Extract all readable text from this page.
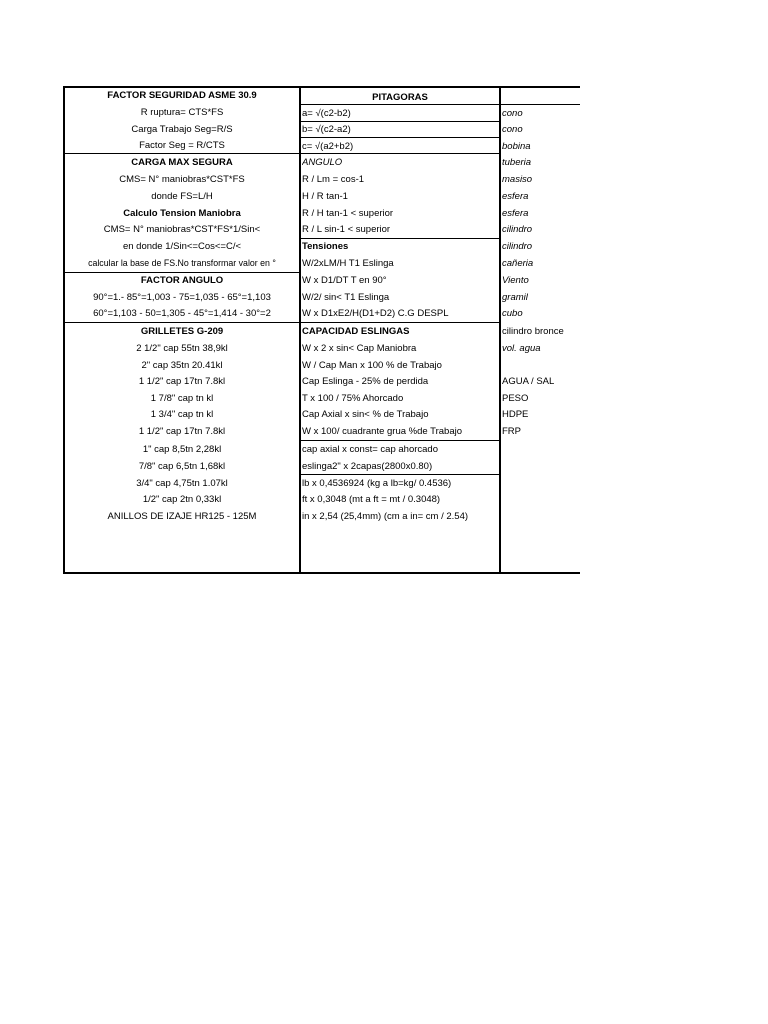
FACTOR SEGURIDAD ASME 30.9
R ruptura= CTS*FS
Carga Trabajo Seg=R/S
Factor Seg = R/CTS
CARGA MAX SEGURA
CMS= N° maniobras*CST*FS
donde FS=L/H
Calculo Tension Maniobra
CMS= N° maniobras*CST*FS*1/Sin<
en donde 1/Sin<=Cos<=C/<
calcular la base de FS.No transformar valor en °
FACTOR ANGULO
90°=1.- 85°=1,003 - 75=1,035 - 65°=1,103
60°=1,103 - 50=1,305 - 45°=1,414 - 30°=2
GRILLETES G-209
2 1/2" cap 55tn 38,9kl
2" cap 35tn 20.41kl
1 1/2" cap 17tn 7.8kl
1 7/8" cap tn kl
1 3/4" cap tn kl
1 1/2" cap 17tn 7.8kl
1" cap 8,5tn 2,28kl
7/8" cap 6,5tn 1,68kl
3/4" cap 4,75tn 1.07kl
1/2" cap 2tn 0,33kl
ANILLOS DE IZAJE HR125 - 125M
PITAGORAS
a= √(c2-b2)
b= √(c2-a2)
c= √(a2+b2)
ANGULO
R / Lm = cos-1
H / R tan-1
R / H tan-1 < superior
R / L sin-1 < superior
Tensiones
W/2xLM/H T1 Eslinga
W x D1/DT T en 90°
W/2/ sin< T1 Eslinga
W x D1xE2/H(D1+D2) C.G DESPL
CAPACIDAD ESLINGAS
W x 2 x sin< Cap Maniobra
W / Cap Man x 100 % de Trabajo
Cap Eslinga - 25% de perdida
T x 100 / 75% Ahorcado
Cap Axial x sin< % de Trabajo
W x 100/ cuadrante grua %de Trabajo
cap axial x const= cap ahorcado
eslinga2" x 2capas(2800x0.80)
lb x 0,4536924 (kg a lb=kg/ 0.4536)
ft x 0,3048 (mt a ft = mt / 0.3048)
in x 2,54 (25,4mm) (cm a in= cm / 2.54)
cono
cono
bobina
tuberia
masiso
esfera
esfera
cilindro
cilindro
cañeria
Viento
gramil
cubo
cilindro bronce
vol. agua
AGUA / SAL
PESO
HDPE
FRP
